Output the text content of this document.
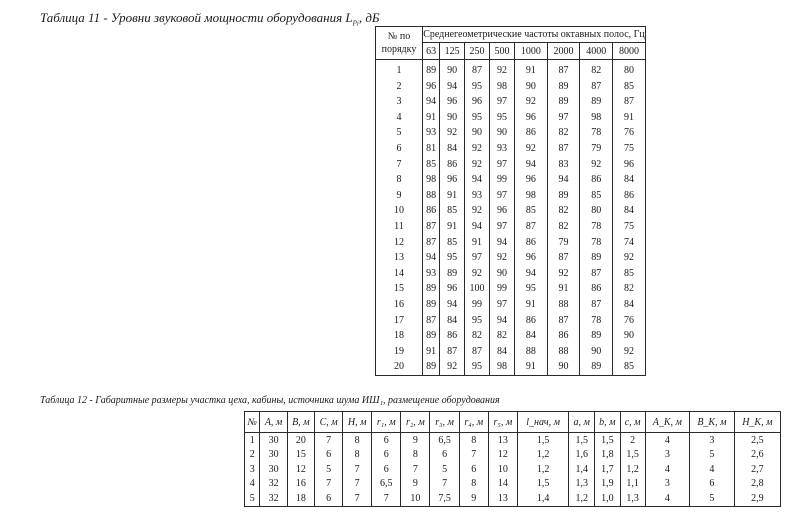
Таблица 11 - Уровни звуковой мощности оборудования $L_{Pi}$, дБ
№ по порядку	Среднегеометрические частоты октавных полос, Гц							
	63	125	250	500	1000	2000	4000	8000
1	89	90	87	92	91	87	82	80
2	96	94	95	98	90	89	87	85
3	94	96	96	97	92	89	89	87
4	91	90	95	95	96	97	98	91
5	93	92	90	90	86	82	78	76
6	81	84	92	93	92	87	79	75
7	85	86	92	97	94	83	92	96
8	98	96	94	99	96	94	86	84
9	88	91	93	97	98	89	85	86
10	86	85	92	96	85	82	80	84
11	87	91	94	97	87	82	78	75
12	87	85	91	94	86	79	78	74
13	94	95	97	92	96	87	89	92
14	93	89	92	90	94	92	87	85
15	89	96	100	99	95	91	86	82
16	89	94	99	97	91	88	87	84
17	87	84	95	94	86	87	78	76
18	89	86	82	82	84	86	89	90
19	91	87	87	84	88	88	90	92
20	89	92	95	98	91	90	89	85
Таблица 12 - Габаритные размеры участка цеха, кабины, источника шума ИШ₁, размещение оборудования
№	A, м	B, м	C, м	H, м	r₁, м	r₂, м	r₃, м	r₄, м	r₅, м	l_нач, м	a, м	b, м	c, м	A_K, м	B_K, м	H_K, м
1	30	20	7	8	6	9	6,5	8	13	1,5	1,5	1,5	2	4	3	2,5
2	30	15	6	8	6	8	6	7	12	1,2	1,6	1,8	1,5	3	5	2,6
3	30	12	5	7	6	7	5	6	10	1,2	1,4	1,7	1,2	4	4	2,7
4	32	16	7	7	6,5	9	7	8	14	1,5	1,3	1,9	1,1	3	6	2,8
5	32	18	6	7	7	10	7,5	9	13	1,4	1,2	1,0	1,3	4	5	2,9
